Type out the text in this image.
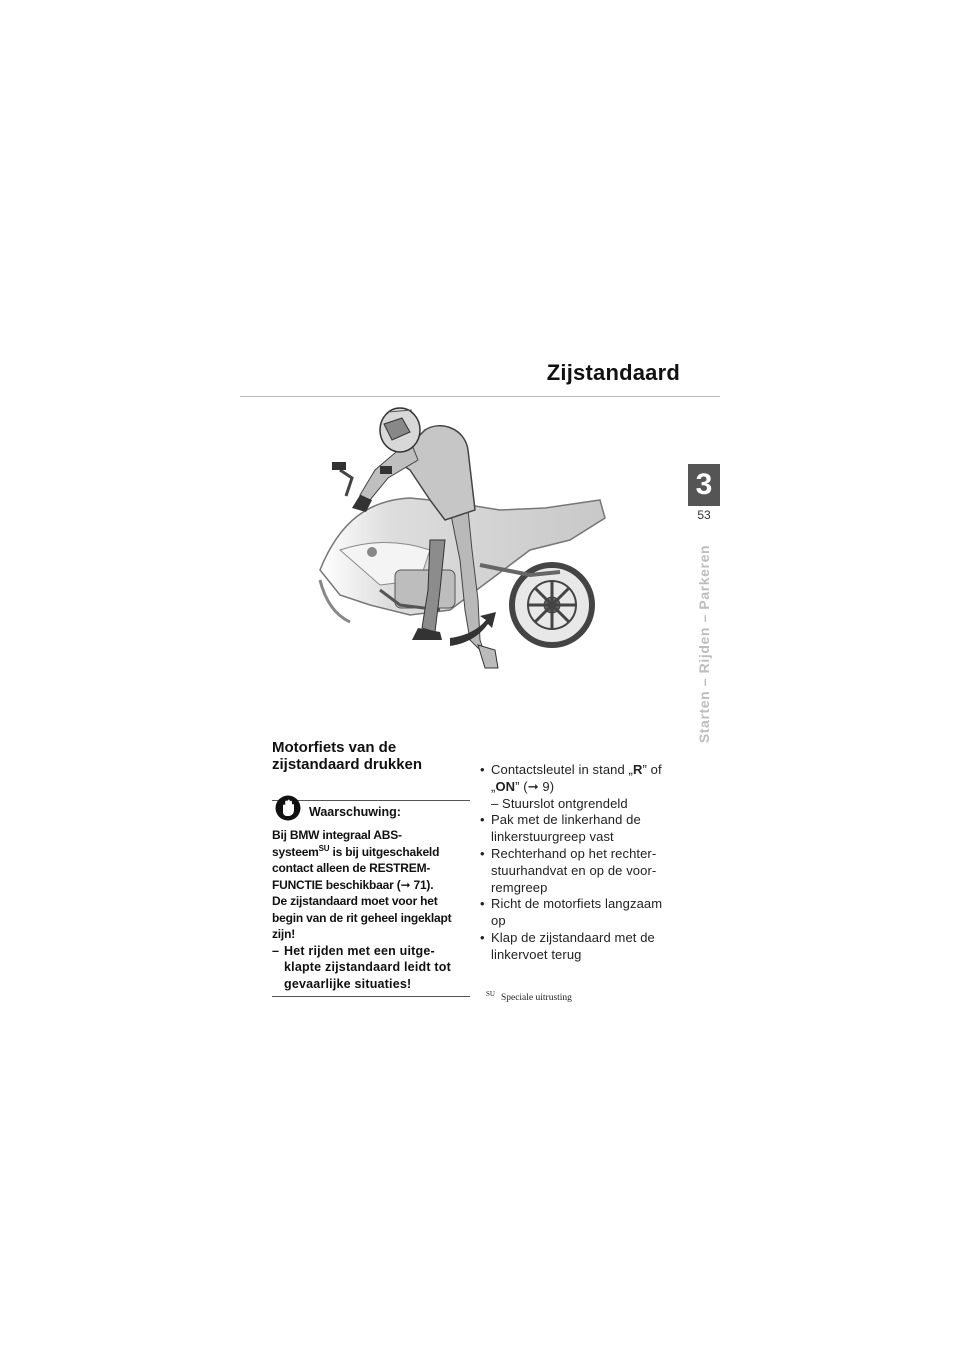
Zijstandaard
3
53
Starten – Rijden – Parkeren
Motorfiets van de
zijstandaard drukken
Waarschuwing:
Bij BMW integraal ABS-
systeem$^{SU}$ is bij uitgeschakeld
contact alleen de RESTREM-
FUNCTIE beschikbaar (➞ 71).
De zijstandaard moet voor het
begin van de rit geheel ingeklapt
zijn!
– Het rijden met een uitge-
klapte zijstandaard leidt tot
gevaarlijke situaties!
• Contactsleutel in stand „R” of
„ON” (➞ 9)
– Stuurslot ontgrendeld
• Pak met de linkerhand de
linkerstuurgreep vast
• Rechterhand op het rechter-
stuurhandvat en op de voor-
remgreep
• Richt de motorfiets langzaam
op
• Klap de zijstandaard met de
linkervoet terug
$^{SU}$ Speciale uitrusting
